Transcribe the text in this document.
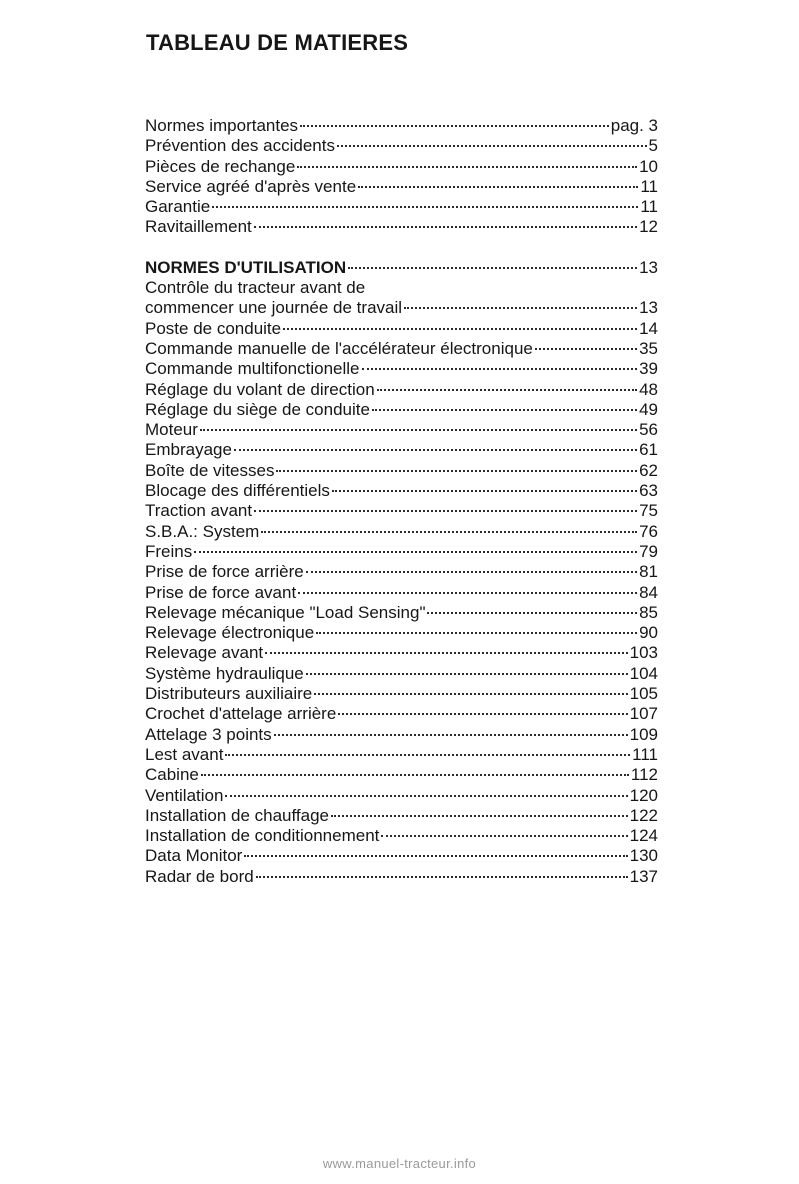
TABLEAU DE MATIERES
Normes importantes	pag. 3
Prévention des accidents	5
Pièces de rechange	10
Service agréé d'après vente	11
Garantie	11
Ravitaillement	12
NORMES D'UTILISATION	13
Contrôle du tracteur avant de
commencer une journée de travail	13
Poste de conduite	14
Commande manuelle de l'accélérateur électronique	35
Commande multifonctionelle	39
Réglage du volant de direction	48
Réglage du siège de conduite	49
Moteur	56
Embrayage	61
Boîte de vitesses	62
Blocage des différentiels	63
Traction avant	75
S.B.A.: System	76
Freins	79
Prise de force arrière	81
Prise de force avant	84
Relevage mécanique "Load Sensing"	85
Relevage électronique	90
Relevage avant	103
Système hydraulique	104
Distributeurs auxiliaire	105
Crochet d'attelage arrière	107
Attelage 3 points	109
Lest avant	111
Cabine	112
Ventilation	120
Installation de chauffage	122
Installation de conditionnement	124
Data Monitor	130
Radar de bord	137
www.manuel-tracteur.info
